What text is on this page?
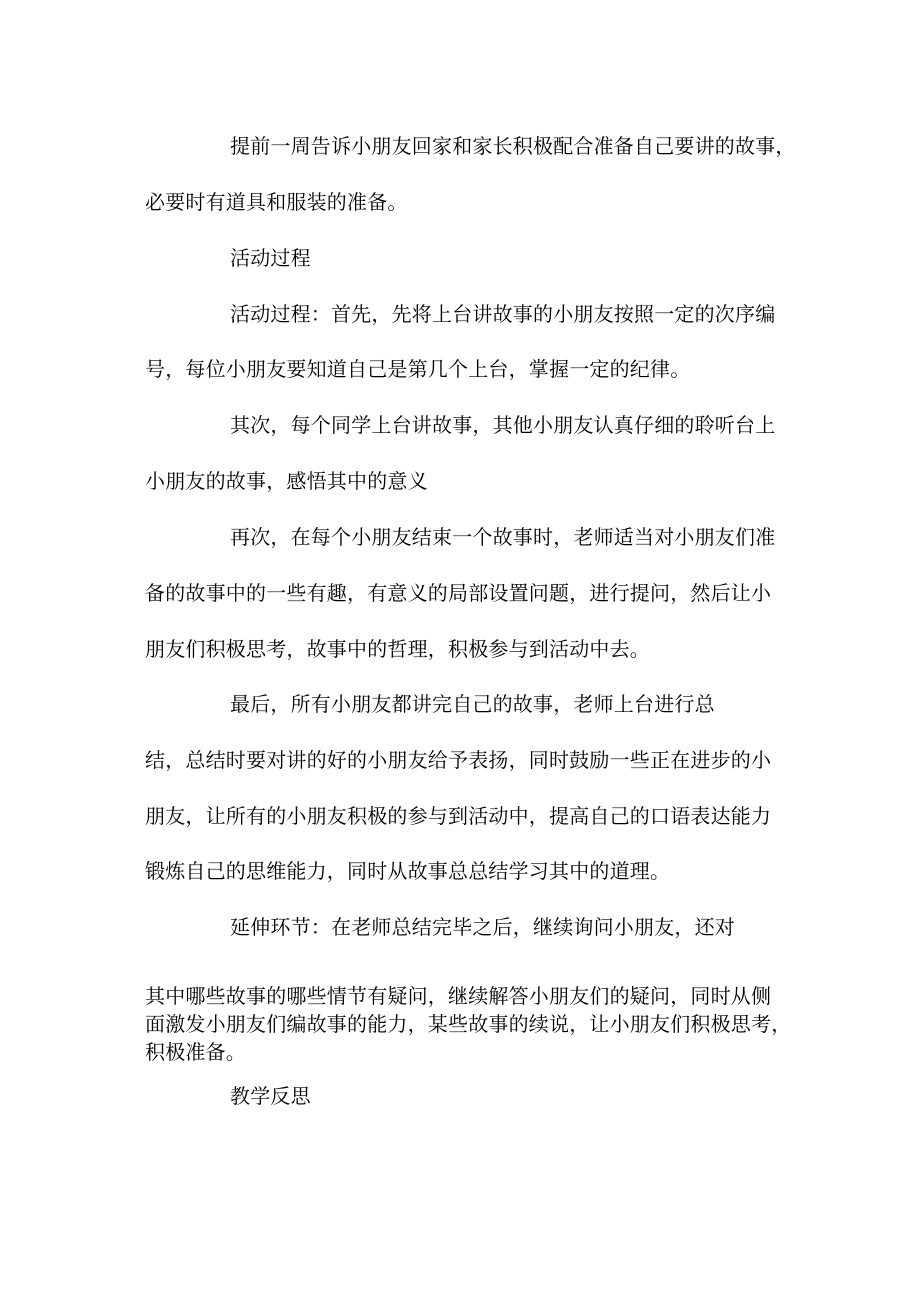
提前一周告诉小朋友回家和家长积极配合准备自己要讲的故事，
必要时有道具和服装的准备。
活动过程
活动过程：首先，先将上台讲故事的小朋友按照一定的次序编
号，每位小朋友要知道自己是第几个上台，掌握一定的纪律。
其次，每个同学上台讲故事，其他小朋友认真仔细的聆听台上
小朋友的故事，感悟其中的意义
再次，在每个小朋友结束一个故事时，老师适当对小朋友们准
备的故事中的一些有趣，有意义的局部设置问题，进行提问，然后让小
朋友们积极思考，故事中的哲理，积极参与到活动中去。
最后，所有小朋友都讲完自己的故事，老师上台进行总
结，总结时要对讲的好的小朋友给予表扬，同时鼓励一些正在进步的小
朋友，让所有的小朋友积极的参与到活动中，提高自己的口语表达能力
锻炼自己的思维能力，同时从故事总总结学习其中的道理。
延伸环节：在老师总结完毕之后，继续询问小朋友，还对
其中哪些故事的哪些情节有疑问，继续解答小朋友们的疑问，同时从侧
面激发小朋友们编故事的能力，某些故事的续说，让小朋友们积极思考，
积极准备。
教学反思
